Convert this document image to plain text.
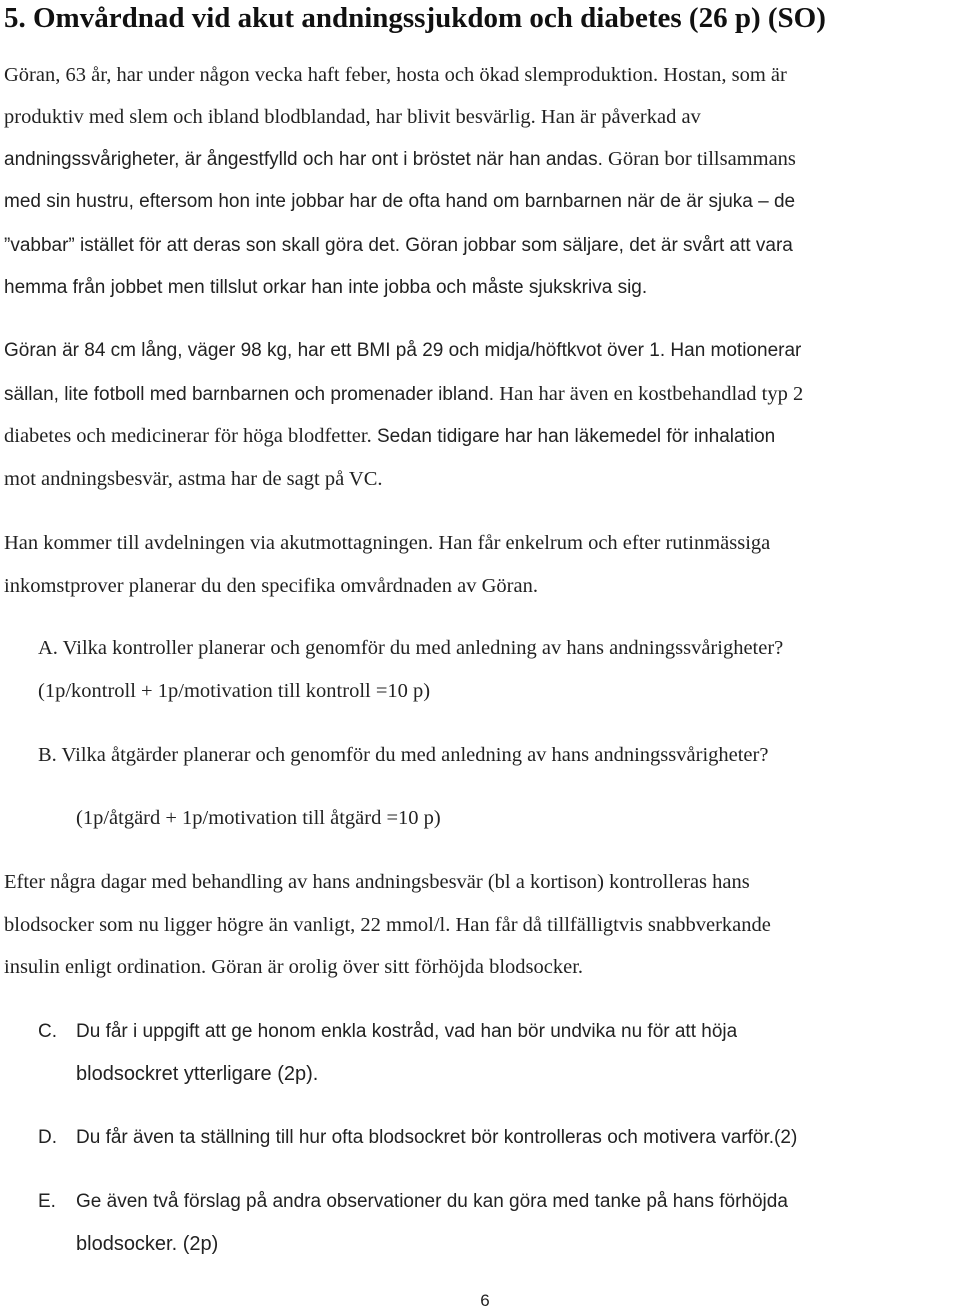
5. Omvårdnad vid akut andningssjukdom och diabetes (26 p) (SO)
Göran, 63 år, har under någon vecka haft feber, hosta och ökad slemproduktion. Hostan, som är
produktiv med slem och ibland blodblandad, har blivit besvärlig. Han är påverkad av
andningssvårigheter, är ångestfylld och har ont i bröstet när han andas. Göran bor tillsammans
med sin hustru, eftersom hon inte jobbar har de ofta hand om barnbarnen när de är sjuka – de
”vabbar” istället för att deras son skall göra det. Göran jobbar som säljare, det är svårt att vara
hemma från jobbet men tillslut orkar han inte jobba och måste sjukskriva sig.
Göran är 84 cm lång, väger 98 kg, har ett BMI på 29 och midja/höftkvot över 1. Han motionerar
sällan, lite fotboll med barnbarnen och promenader ibland. Han har även en kostbehandlad typ 2
diabetes och medicinerar för höga blodfetter. Sedan tidigare har han läkemedel för inhalation
mot andningsbesvär, astma har de sagt på VC.
Han kommer till avdelningen via akutmottagningen. Han får enkelrum och efter rutinmässiga
inkomstprover planerar du den specifika omvårdnaden av Göran.
A. Vilka kontroller planerar och genomför du med anledning av hans andningssvårigheter?
(1p/kontroll + 1p/motivation till kontroll =10 p)
B. Vilka åtgärder planerar och genomför du med anledning av hans andningssvårigheter?
(1p/åtgärd + 1p/motivation till åtgärd =10 p)
Efter några dagar med behandling av hans andningsbesvär (bl a kortison) kontrolleras hans
blodsocker som nu ligger högre än vanligt, 22 mmol/l. Han får då tillfälligtvis snabbverkande
insulin enligt ordination. Göran är orolig över sitt förhöjda blodsocker.
C. Du får i uppgift att ge honom enkla kostråd, vad han bör undvika nu för att höja
blodsockret ytterligare (2p).
D. Du får även ta ställning till hur ofta blodsockret bör kontrolleras och motivera varför.(2)
E. Ge även två förslag på andra observationer du kan göra med tanke på hans förhöjda
blodsocker. (2p)
6
